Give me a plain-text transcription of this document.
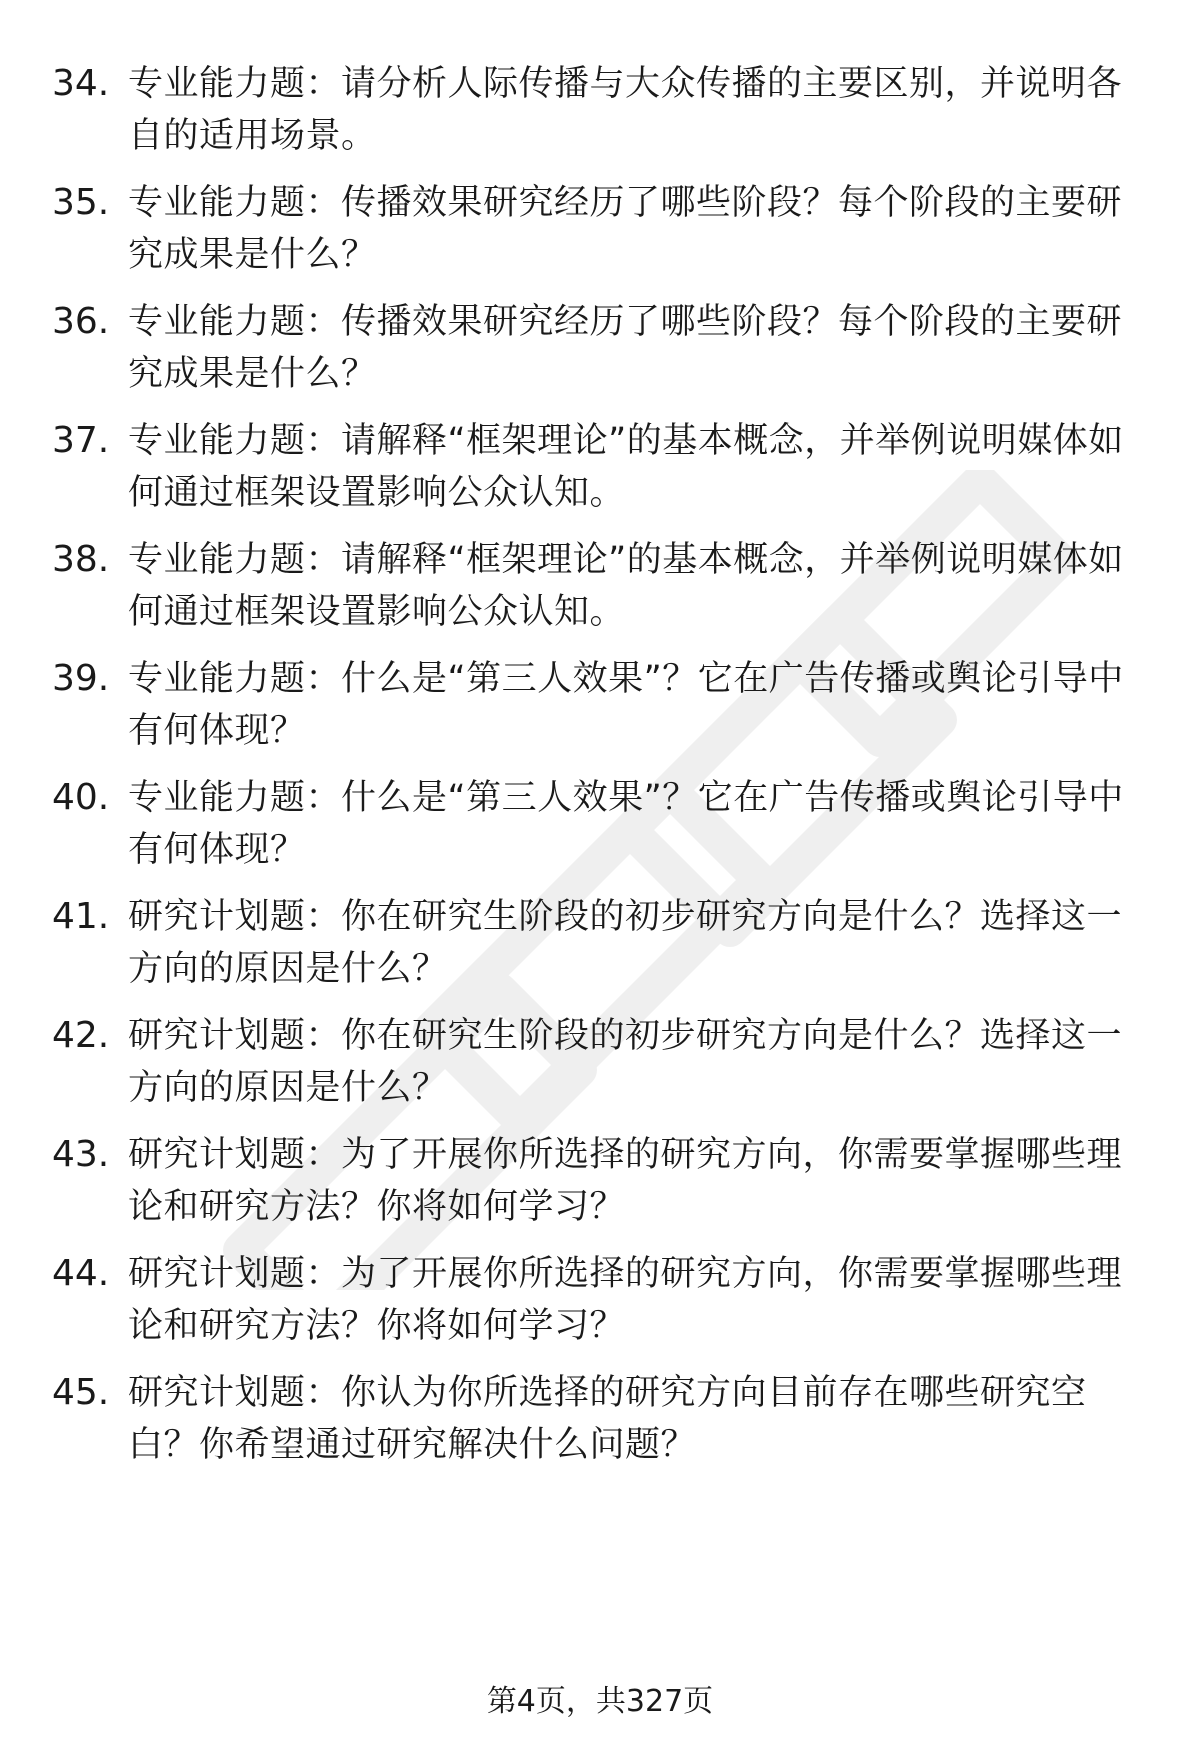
34. 专业能力题：请分析人际传播与大众传播的主要区别，并说明各自的适用场景。
35. 专业能力题：传播效果研究经历了哪些阶段？每个阶段的主要研究成果是什么？
36. 专业能力题：传播效果研究经历了哪些阶段？每个阶段的主要研究成果是什么？
37. 专业能力题：请解释“框架理论”的基本概念，并举例说明媒体如何通过框架设置影响公众认知。
38. 专业能力题：请解释“框架理论”的基本概念，并举例说明媒体如何通过框架设置影响公众认知。
39. 专业能力题：什么是“第三人效果”？它在广告传播或舆论引导中有何体现？
40. 专业能力题：什么是“第三人效果”？它在广告传播或舆论引导中有何体现？
41. 研究计划题：你在研究生阶段的初步研究方向是什么？选择这一方向的原因是什么？
42. 研究计划题：你在研究生阶段的初步研究方向是什么？选择这一方向的原因是什么？
43. 研究计划题：为了开展你所选择的研究方向，你需要掌握哪些理论和研究方法？你将如何学习？
44. 研究计划题：为了开展你所选择的研究方向，你需要掌握哪些理论和研究方法？你将如何学习？
45. 研究计划题：你认为你所选择的研究方向目前存在哪些研究空白？你希望通过研究解决什么问题？
第4页，共327页
